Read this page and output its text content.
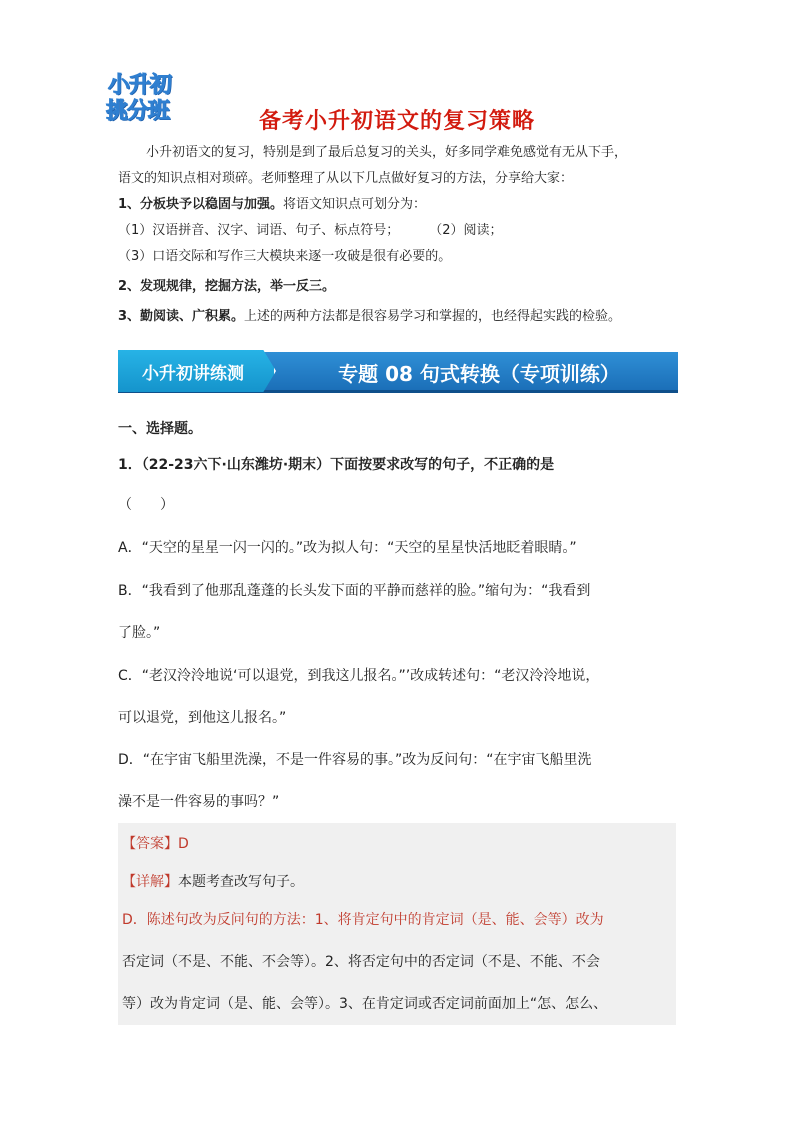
小升初
挑分班	备考小升初语文的复习策略
小升初语文的复习，特别是到了最后总复习的关头，好多同学难免感觉有无从下手，
语文的知识点相对琐碎。老师整理了从以下几点做好复习的方法，分享给大家：
1、分板块予以稳固与加强。将语文知识点可划分为：
（1）汉语拼音、汉字、词语、句子、标点符号； （2）阅读；
（3）口语交际和写作三大模块来逐一攻破是很有必要的。
2、发现规律，挖掘方法，举一反三。
3、勤阅读、广积累。上述的两种方法都是很容易学习和掌握的，也经得起实践的检验。
小升初讲练测	专题 08 句式转换（专项训练）
一、选择题。
1．（22-23六下·山东潍坊·期末）下面按要求改写的句子，不正确的是
（　　）
A．“天空的星星一闪一闪的。”改为拟人句：“天空的星星快活地眨着眼睛。”
B．“我看到了他那乱蓬蓬的长头发下面的平静而慈祥的脸。”缩句为：“我看到
了脸。”
C．“老汉泠泠地说‘可以退党，到我这儿报名。”’改成转述句：“老汉泠泠地说，
可以退党，到他这儿报名。”
D．“在宇宙飞船里洗澡，不是一件容易的事。”改为反问句：“在宇宙飞船里洗
澡不是一件容易的事吗？”
【答案】D
【详解】本题考查改写句子。
D．陈述句改为反问句的方法：1、将肯定句中的肯定词（是、能、会等）改为
否定词（不是、不能、不会等）。2、将否定句中的否定词（不是、不能、不会
等）改为肯定词（是、能、会等）。3、在肯定词或否定词前面加上“怎、怎么、
